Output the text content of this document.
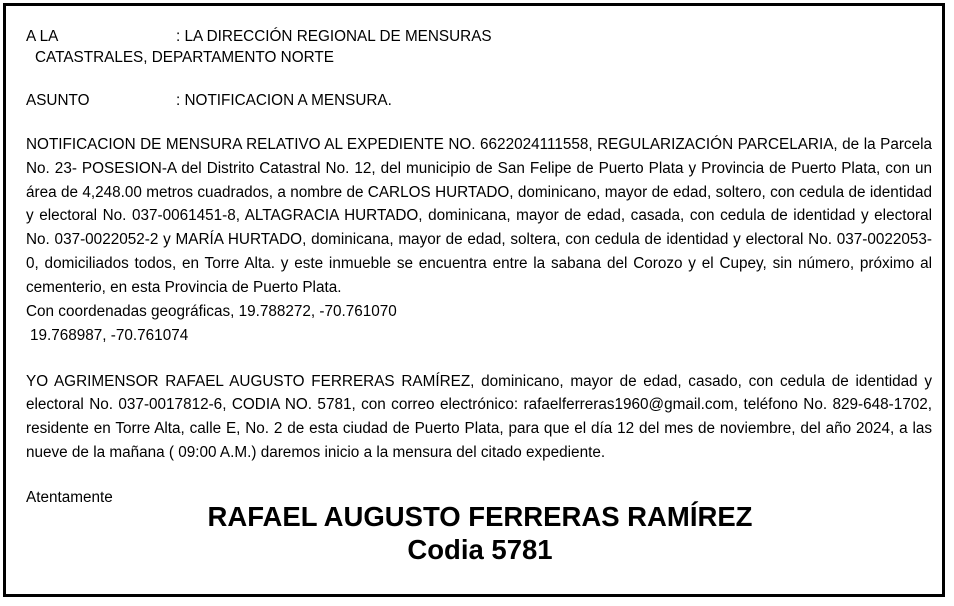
A LA	: LA DIRECCIÓN REGIONAL DE MENSURAS
CATASTRALES, DEPARTAMENTO NORTE
ASUNTO	: NOTIFICACION A MENSURA.

NOTIFICACION DE MENSURA RELATIVO AL EXPEDIENTE NO. 6622024111558, REGULARIZACIÓN PARCELARIA, de la Parcela No. 23- POSESION-A del Distrito Catastral No. 12, del municipio de San Felipe de Puerto Plata y Provincia de Puerto Plata, con un área de 4,248.00 metros cuadrados, a nombre de CARLOS HURTADO, dominicano, mayor de edad, soltero, con cedula de identidad y electoral No. 037-0061451-8, ALTAGRACIA HURTADO, dominicana, mayor de edad, casada, con cedula de identidad y electoral No. 037-0022052-2 y MARÍA HURTADO, dominicana, mayor de edad, soltera, con cedula de identidad y electoral No. 037-0022053-0, domiciliados todos, en Torre Alta. y este inmueble se encuentra entre la sabana del Corozo y el Cupey, sin número, próximo al cementerio, en esta Provincia de Puerto Plata.

Con coordenadas geográficas, 19.788272, -70.761070
19.768987, -70.761074

YO AGRIMENSOR RAFAEL AUGUSTO FERRERAS RAMÍREZ, dominicano, mayor de edad, casado, con cedula de identidad y electoral No. 037-0017812-6, CODIA NO. 5781, con correo electrónico: rafaelferreras1960@gmail.com, teléfono No. 829-648-1702, residente en Torre Alta, calle E, No. 2 de esta ciudad de Puerto Plata, para que el día 12 del mes de noviembre, del año 2024, a las nueve de la mañana ( 09:00 A.M.) daremos inicio a la mensura del citado expediente.

Atentamente
RAFAEL AUGUSTO FERRERAS RAMÍREZ
Codia 5781
